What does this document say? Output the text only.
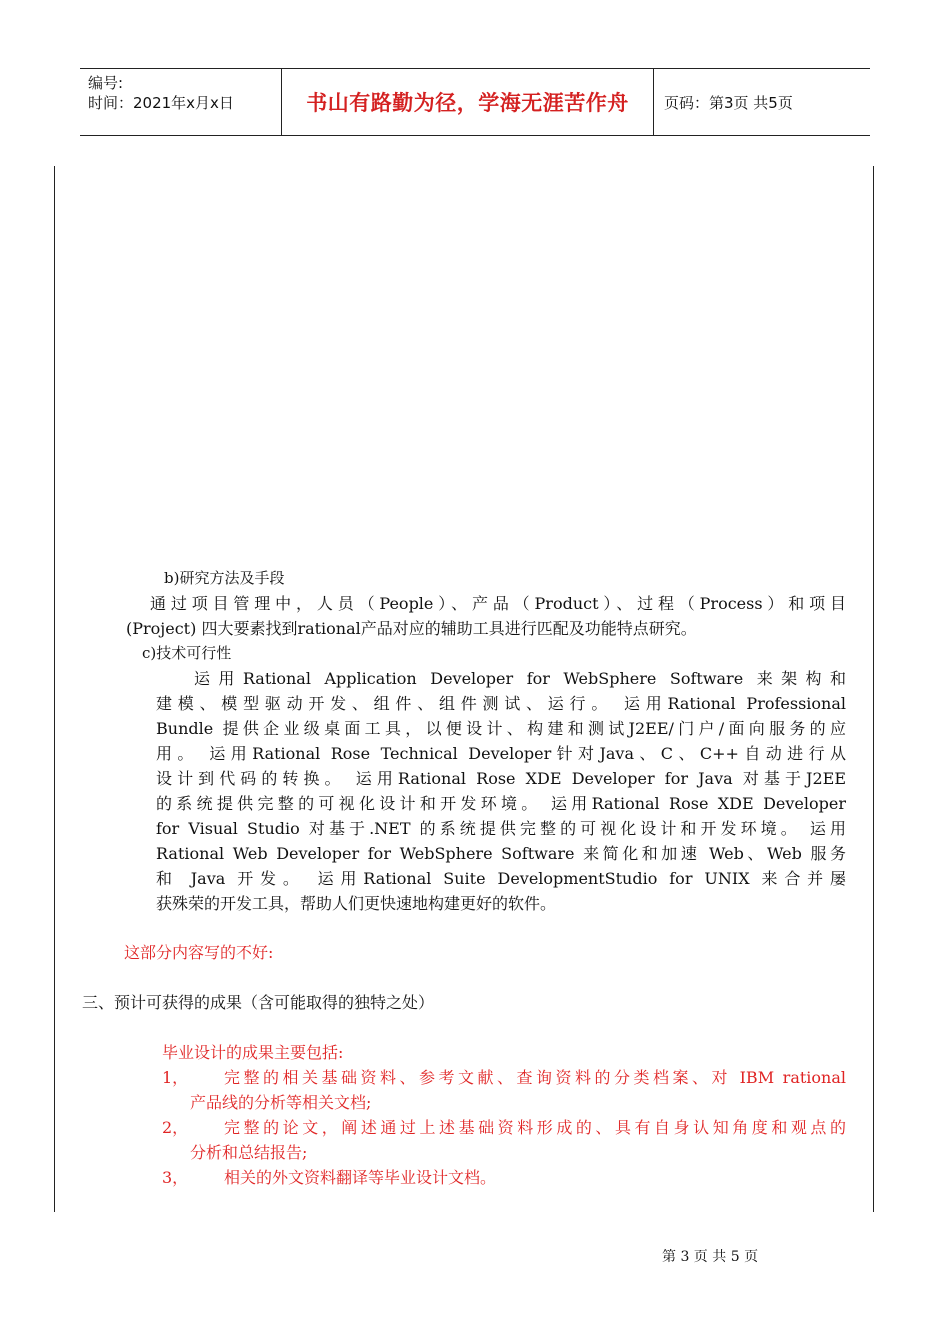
编号:
时间：2021年x月x日	书山有路勤为径，学海无涯苦作舟	页码：第3页 共5页
b)研究方法及手段
通过项目管理中，人员（People）、产品（Product）、过程（Process）和项目
(Project) 四大要素找到rational产品对应的辅助工具进行匹配及功能特点研究。
c)技术可行性
运用Rational Application Developer for WebSphere Software 来架构和
建模、模型驱动开发、组件、组件测试、运行。 运用Rational Professional
Bundle 提供企业级桌面工具，以便设计、构建和测试J2EE/门户/面向服务的应
用。 运用Rational Rose Technical Developer针对Java、C、C++自动进行从
设计到代码的转换。 运用Rational Rose XDE Developer for Java 对基于J2EE
的系统提供完整的可视化设计和开发环境。 运用Rational Rose XDE Developer
for Visual Studio 对基于.NET 的系统提供完整的可视化设计和开发环境。 运用
Rational Web Developer for WebSphere Software 来简化和加速 Web、Web 服务
和 Java 开发。 运用Rational Suite DevelopmentStudio for UNIX 来合并屡
获殊荣的开发工具，帮助人们更快速地构建更好的软件。
这部分内容写的不好:
三、预计可获得的成果（含可能取得的独特之处）
毕业设计的成果主要包括:
1， 完整的相关基础资料、参考文献、查询资料的分类档案、对 IBM rational
产品线的分析等相关文档;
2， 完整的论文，阐述通过上述基础资料形成的、具有自身认知角度和观点的
分析和总结报告;
3， 相关的外文资料翻译等毕业设计文档。
第 3 页 共 5 页
